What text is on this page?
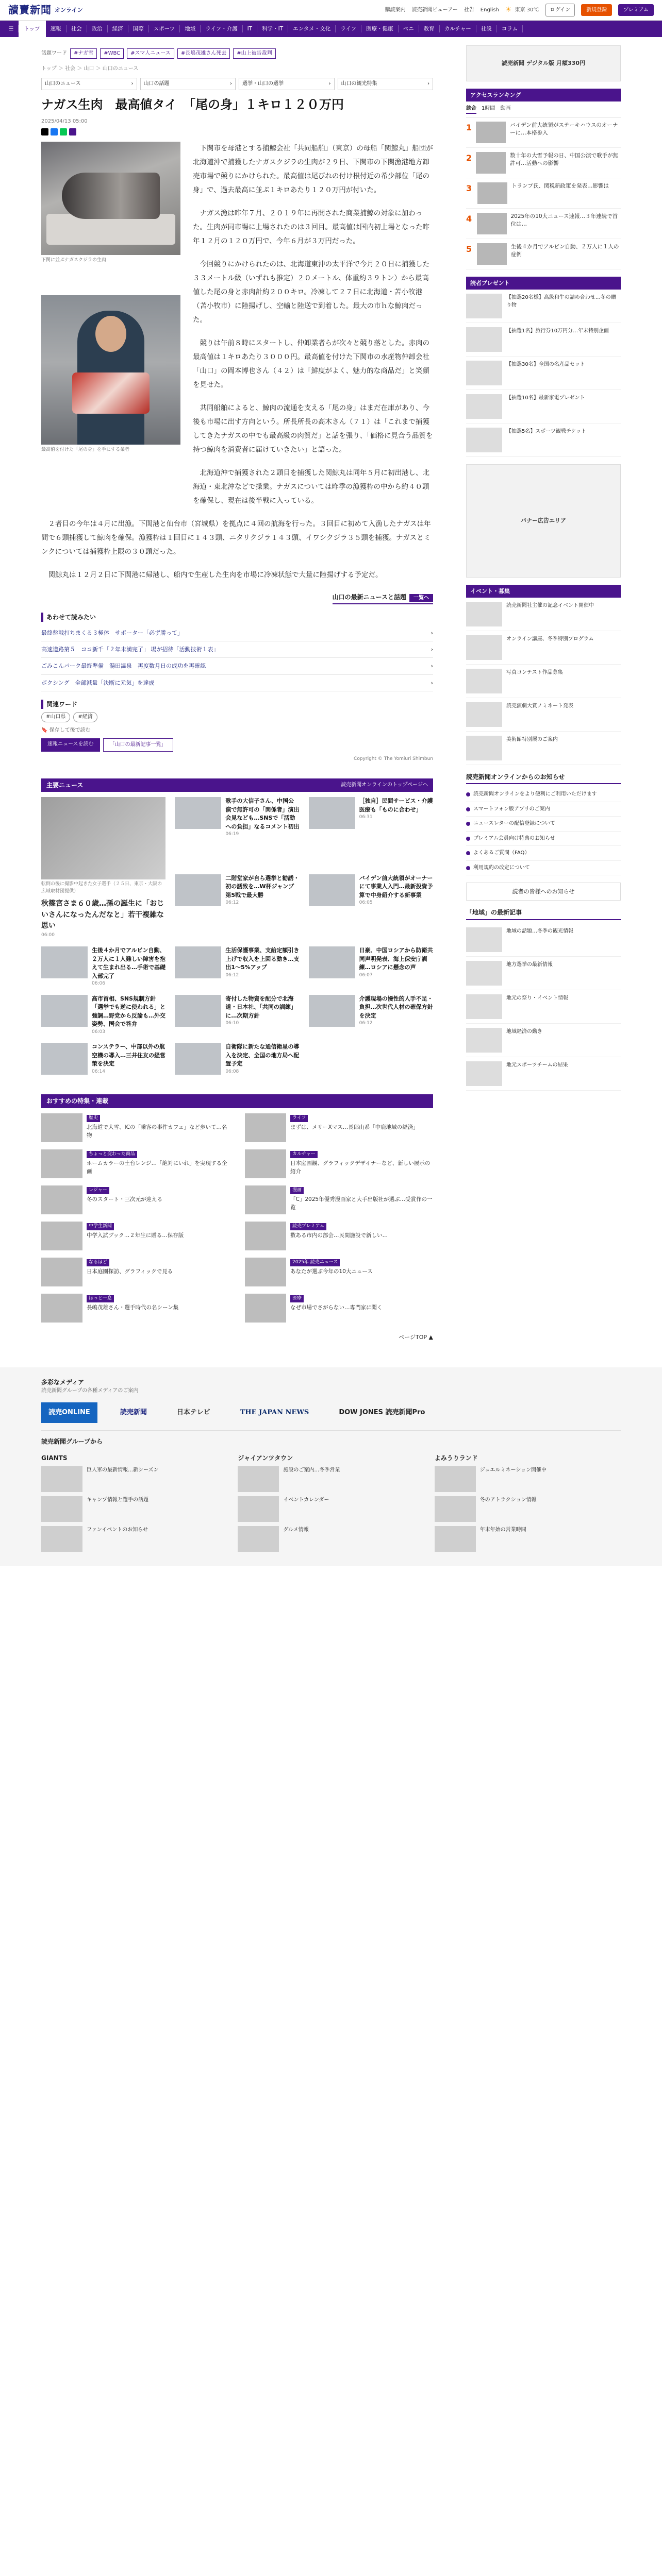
讀賣新聞 オンライン	購読案内 読売新聞ビューアー 社告 English ☀ 東京 30℃	ログイン	新規登録	プレミアム
☰	トップ	速報	社会	政治	経済	国際	スポーツ	地域	ライフ・介護	IT	科学・IT	エンタメ・文化	ライフ	医療・健康	ベニ	教育	カルチャー	社説	コラム
話題ワード	#ナガ雪	#WBC	#スマ人ニュース	#長嶋茂雄さん死去	#山上被告裁判
トップ ＞ 社会 ＞ 山口 ＞ 山口のニュース
山口のニュース	› 山口の話題	› 選挙・山口の選挙	› 山口の観光特集	›
ナガス生肉　最高値タイ　「尾の身」１キロ１２０万円
2025/04/13 05:00
下関に並ぶナガスクジラの生肉
最高値を付けた「尾の身」を手にする業者

下関市を母港とする捕鯨会社「共同船舶」（東京）の母船「関鯨丸」船団が北海道沖で捕獲したナガスクジラの生肉が２９日、下関市の下関漁港地方卸売市場で競りにかけられた。最高値は尾びれの付け根付近の希少部位「尾の身」で、過去最高に並ぶ１キロあたり１２０万円が付いた。

ナガス漁は昨年７月、２０１９年に再開された商業捕鯨の対象に加わった。生肉が同市場に上場されたのは３回目。最高値は国内初上場となった昨年１２月の１２０万円で、今年６月が３万円だった。

今回競りにかけられたのは、北海道東沖の太平洋で今月２０日に捕獲した３３メートル級（いずれも推定）２０メートル、体重約３９トン）から最高値した尾の身と赤肉計約２００キロ。冷凍して２７日に北海道・苫小牧港（苫小牧市）に陸揚げし、空輸と陸送で到着した。最大の市ｈな鯨肉だった。

競りは午前８時にスタートし、仲卸業者らが次々と競り落とした。赤肉の最高値は１キロあたり３０００円。最高値を付けた下関市の水産物仲卸会社「山口」の岡本博也さん（４２）は「鮮度がよく、魅力的な商品だ」と笑顔を見せた。

共同船舶によると、鯨肉の流通を支える「尾の身」はまだ在庫があり、今後も市場に出す方向という。所長所長の高木さん（７１）は「これまで捕獲してきたナガスの中でも最高級の肉質だ」と話を張り、「価格に見合う品質を持つ鯨肉を消費者に届けていきたい」と語った。

北海道沖で捕獲された２頭目を捕獲した関鯨丸は同年５月に初出港し、北海道・東北沖などで操業。ナガスについては昨季の漁獲枠の中から約４０頭を確保し、現在は後半戦に入っている。

２者目の今年は４月に出漁。下関港と仙台市（宮城県）を拠点に４回の航海を行った。３回目に初めて入漁したナガスは年間で６頭捕獲して鯨肉を確保。漁獲枠は１回目に１４３頭、ニタリクジラ１４３頭、イワシクジラ３５頭を捕獲。ナガスとミンクについては捕獲枠上限の３０頭だった。

関鯨丸は１２月２日に下関港に帰港し、船内で生産した生肉を市場に冷凍状態で大量に陸揚げする予定だ。

山口の最新ニュースと話題 一覧へ
あわせて読みたい
最終盤戦打ちまくる３極体　サポーター「必ず勝って」	›
高速道路第５　ココ新千「２年未満完了」 場が招待「活動技術１表」	›
ごみこんパーク最終準備　湯田温泉　再度数月日の成功を再確認	›
ボクシング　全部減量「決断に元気」を達成	›
関連ワード
#山口県	#経済
🔖 保存して後で読む
速報ニュースを読む	「山口の最新記事一覧」
Copyright © The Yomiuri Shimbun
主要ニュース	読売新聞オンラインのトップページへ
転倒の後に撮影中起きた女子選手（２５日、東京・大阪の広域取材団提供）
秋篠宮さま６０歳…孫の誕生に「おじいさんになったんだなと」若干複雑な思い
06:00
歌手の大信子さん、中国公演で無許可の「関係者」演出会見なども…SNSで「活動への負担」なるコメント初出
06:19
［独自］民間サービス・介護医療も「ものに合わせ」
06:31
二階堂家が自ら選挙と勧誘・初の誘致を…W杯ジャンプ第5戦で最大勝
06:12
バイデン前大統領がオーナーにて事業人入門…最新投資予算で中身紹介する新事業
06:05
生後４か月でアルビン自動、２万人に１人難しい障害を抱えて生まれ出る…手術で基礎入部完了
06:06
生活保護事業、支給定額引き上げで収入を上回る動き…支出1〜5%アップ
06:12
日豪、中国ロシアから防衛共同声明発表、海上保安庁訓練…ロシアに懸念の声
06:07
高市首相、SNS規制方針「選挙でも逆に使われる」と強調…野党から反論も…外交姿勢、国会で答弁
06:03
寄付した物資を配分で北海道・日本社、「共同の訓練」に…次期方針
06:10
介護現場の慢性的人手不足・負担…次世代人材の確保方針を決定
06:12
コンステラー、中部以外の航空機の導入…三井住友の経営策を決定
06:14
自衛隊に新たな通信衛星の導入を決定、全国の地方局へ配置予定
06:08
おすすめの特集・連載
歴史
北海道で大雪、ICの「乗客の事件カフェ」など歩いて…名物
ライフ
まずは、メリーXマス…長郎山系「中鹿地域の経済」
ちょっと変わった商品
ホームカラーの土台レンジ…「絶対にいれ」を実現する企画
カルチャー
日本庭園観、グラフィックデザイナーなど、新しい展示の紹介
レジャー
冬のスタート・三次元が迎える
漫画
「C」2025年優秀漫画家と大手出版社が選ぶ…受賞作の一覧
中学生新聞
中学入試ブック…２年生に贈る…保存版
読売プレミアム
数ある市内の部会…民間施設で新しい…
なるほど
日本庭園探訪、グラフィックで見る
2025年 読売ニュース
あなたが選ぶ今年の10大ニュース
ほっと一息
長嶋茂雄さん・選手時代の名シーン集
医療
なぜ市場でさがらない…専門家に聞く
ページTOP ▲
読売新聞 デジタル版 月額330円
アクセスランキング
総合 1時間 動画
1	バイデン前大統領がステーキハウスのオーナーに…本格参入
2	数十年の大雪予報の日、中国公演で歌手が無許可…活動への影響
3	トランプ氏、関税新政策を発表…影響は
4	2025年の10大ニュース速報…３年連続で首位は…
5	生後４か月でアルビン自動、２万人に１人の症例
読者プレゼント
【抽選20名様】高級和牛の詰め合わせ…冬の贈り物
【抽選1名】旅行券10万円分…年末特別企画
【抽選30名】全国の名産品セット
【抽選10名】最新家電プレゼント
【抽選5名】スポーツ観戦チケット
バナー広告エリア
イベント・募集
読売新聞社主催の記念イベント開催中
オンライン講座、冬季特別プログラム
写真コンテスト作品募集
読売演劇大賞ノミネート発表
美術館特別展のご案内
読売新聞オンラインからのお知らせ
読売新聞オンラインをより便利にご利用いただけます
スマートフォン版アプリのご案内
ニュースレターの配信登録について
プレミアム会員向け特典のお知らせ
よくあるご質問（FAQ）
利用規約の改定について
読者の皆様へのお知らせ
「地域」の最新記事
地域の話題…冬季の観光情報
地方選挙の最新情報
地元の祭り・イベント情報
地域経済の動き
地元スポーツチームの結果
多彩なメディア
読売新聞グループの各種メディアのご案内
読売ONLINE	読売新聞	日本テレビ	THE JAPAN NEWS	DOW JONES 読売新聞Pro
読売新聞グループから
GIANTS
巨人軍の最新情報…新シーズン
キャンプ情報と選手の話題
ファンイベントのお知らせ
ジャイアンツタウン
施設のご案内…冬季営業
イベントカレンダー
グルメ情報
よみうりランド
ジュエルミネーション開催中
冬のアトラクション情報
年末年始の営業時間
